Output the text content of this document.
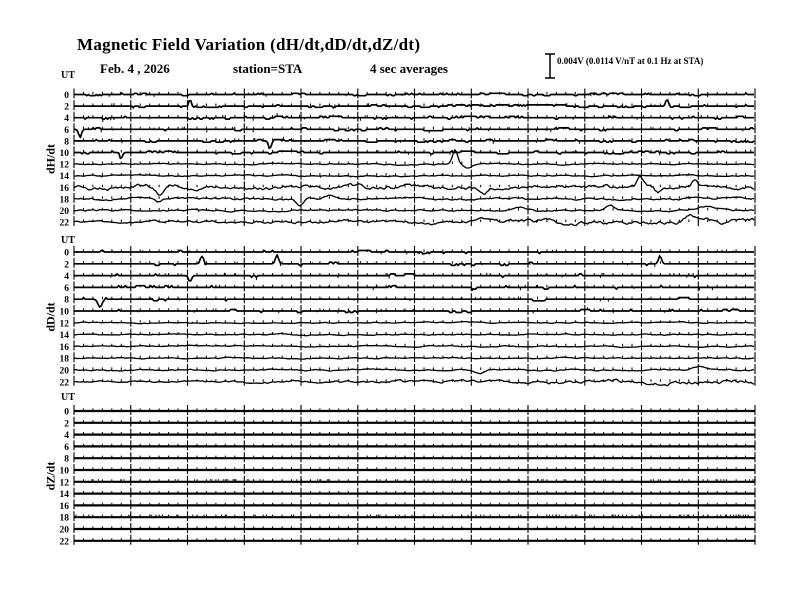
0
2
4
6
8
10
12
14
16
18
20
22
0
2
4
6
8
10
12
14
16
18
20
22
0
2
4
6
8
10
12
14
16
18
20
22
Magnetic Field Variation (dH/dt,dD/dt,dZ/dt)
Feb. 4 , 2026	station=STA	4 sec averages	0.004V (0.0114 V/nT at 0.1 Hz at STA)
UT
UT
UT
dH/dt
dD/dt
dZ/dt
